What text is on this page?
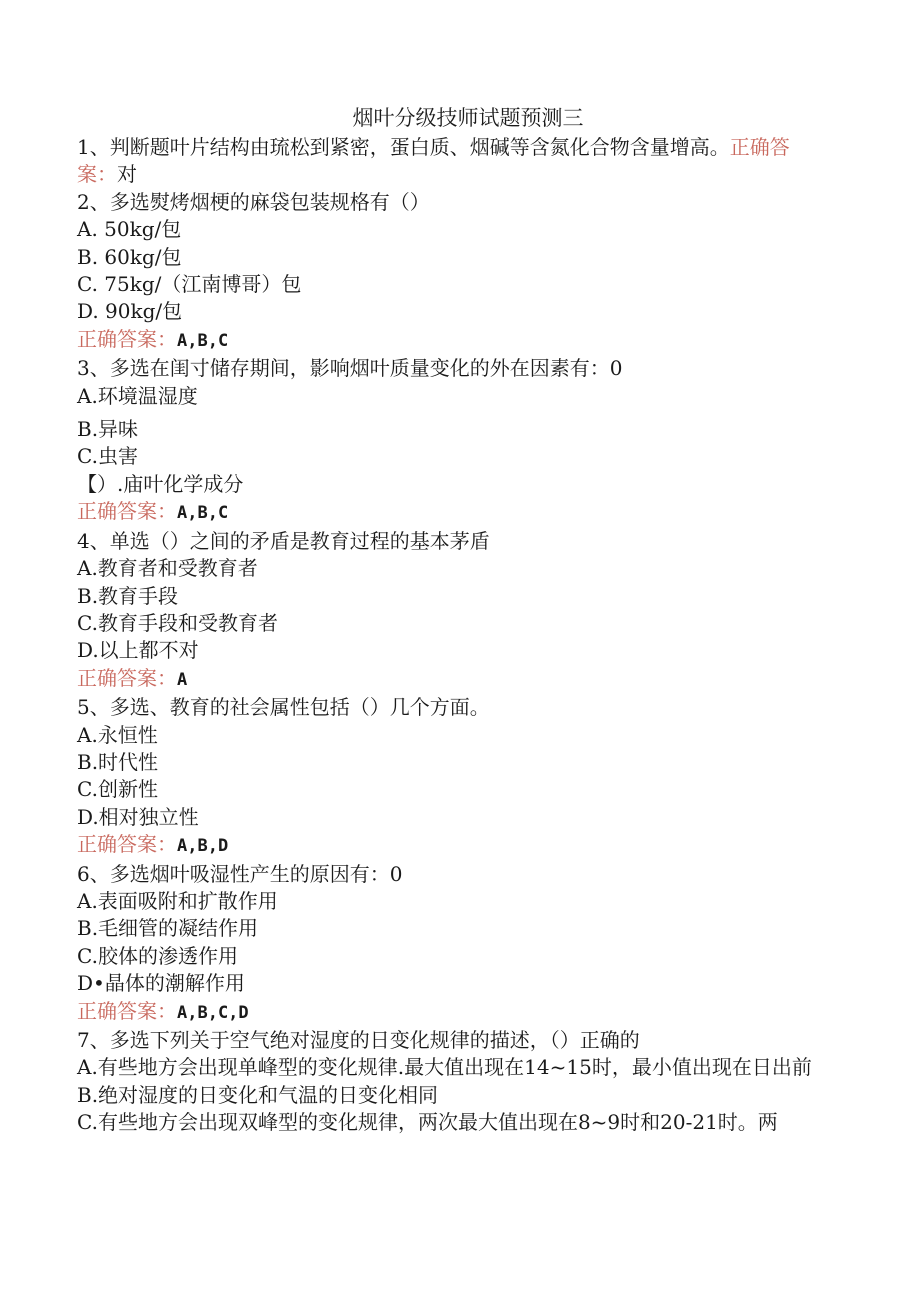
烟叶分级技师试题预测三
1、判断题叶片结构由琉松到紧密，蛋白质、烟碱等含氮化合物含量增高。正确答案：对
2、多选熨烤烟梗的麻袋包装规格有（）
A. 50kg/包
B. 60kg/包
C. 75kg/（江南博哥）包
D. 90kg/包
正确答案：A,B,C
3、多选在闺寸储存期间，影响烟叶质量变化的外在因素有：0
A.环境温湿度
B.异味
C.虫害
【）.庙叶化学成分
正确答案：A,B,C
4、单选（）之间的矛盾是教育过程的基本茅盾
A.教育者和受教育者
B.教育手段
C.教育手段和受教育者
D.以上都不对
正确答案：A
5、多选、教育的社会属性包括（）几个方面。
A.永恒性
B.时代性
C.创新性
D.相对独立性
正确答案：A,B,D
6、多选烟叶吸湿性产生的原因有：0
A.表面吸附和扩散作用
B.毛细管的凝结作用
C.胶体的渗透作用
D•晶体的潮解作用
正确答案：A,B,C,D
7、多选下列关于空气绝对湿度的日变化规律的描述，（）正确的
A.有些地方会出现单峰型的变化规律.最大值出现在14~15时，最小值出现在日出前
B.绝对湿度的日变化和气温的日变化相同
C.有些地方会出现双峰型的变化规律，两次最大值出现在8~9时和20-21时。两
